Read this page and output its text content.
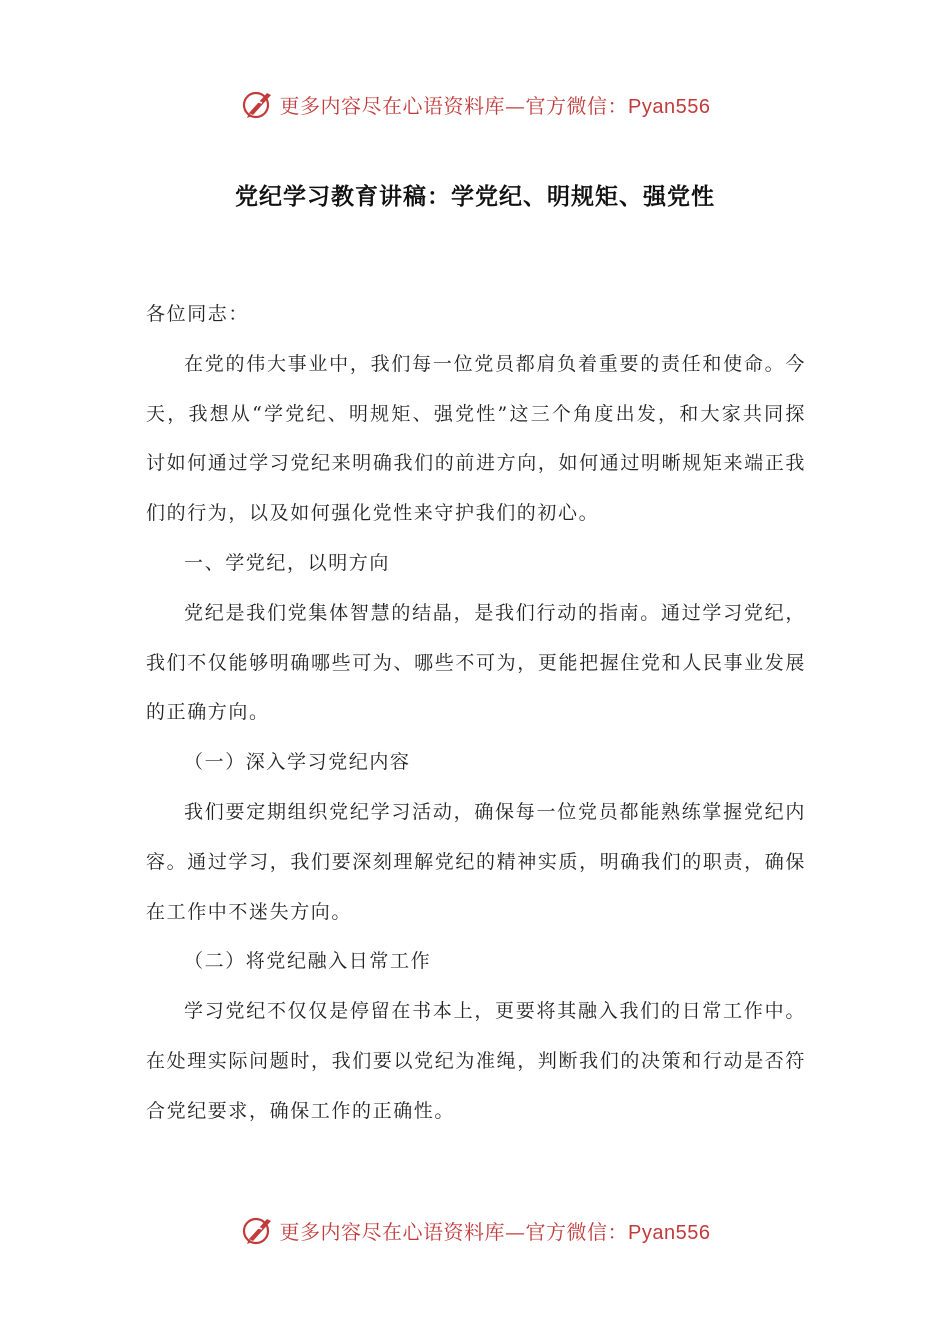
更多内容尽在心语资料库—官方微信：Pyan556
党纪学习教育讲稿：学党纪、明规矩、强党性

各位同志：

在党的伟大事业中，我们每一位党员都肩负着重要的责任和使命。今天，我想从“学党纪、明规矩、强党性”这三个角度出发，和大家共同探讨如何通过学习党纪来明确我们的前进方向，如何通过明晰规矩来端正我们的行为，以及如何强化党性来守护我们的初心。

一、学党纪，以明方向

党纪是我们党集体智慧的结晶，是我们行动的指南。通过学习党纪，我们不仅能够明确哪些可为、哪些不可为，更能把握住党和人民事业发展的正确方向。

（一）深入学习党纪内容

我们要定期组织党纪学习活动，确保每一位党员都能熟练掌握党纪内容。通过学习，我们要深刻理解党纪的精神实质，明确我们的职责，确保在工作中不迷失方向。

（二）将党纪融入日常工作

学习党纪不仅仅是停留在书本上，更要将其融入我们的日常工作中。在处理实际问题时，我们要以党纪为准绳，判断我们的决策和行动是否符合党纪要求，确保工作的正确性。

更多内容尽在心语资料库—官方微信：Pyan556
